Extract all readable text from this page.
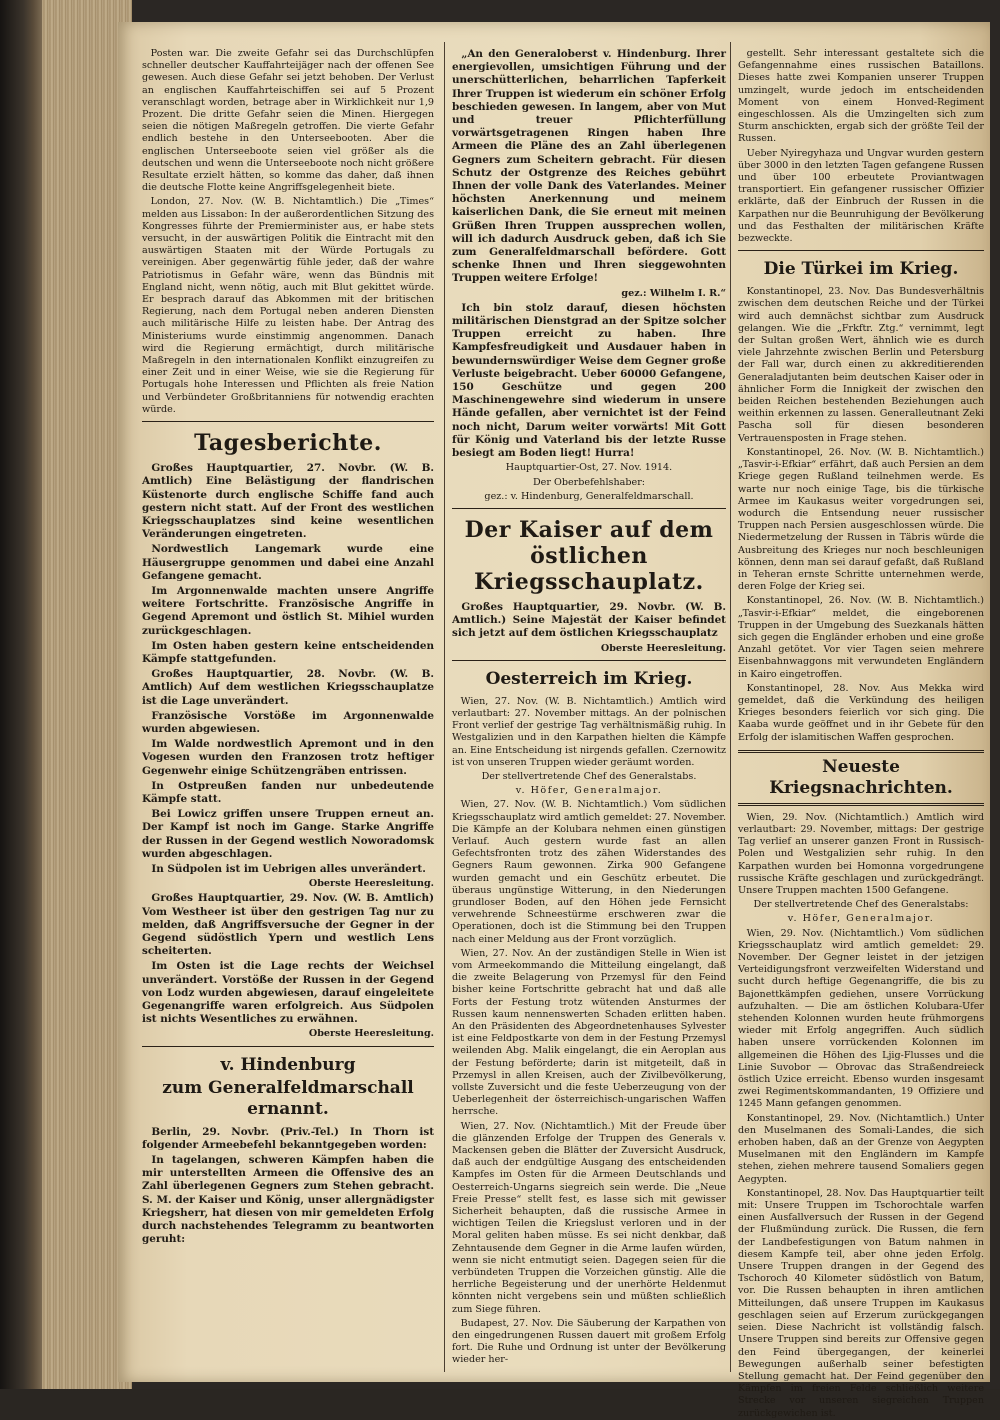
Posten war. Die zweite Gefahr sei das Durchschlüpfen schneller deutscher Kauffahrteijäger nach der offenen See gewesen. Auch diese Gefahr sei jetzt behoben. Der Verlust an englischen Kauffahrteischiffen sei auf 5 Prozent veranschlagt worden, betrage aber in Wirklichkeit nur 1,9 Prozent. Die dritte Gefahr seien die Minen. Hiergegen seien die nötigen Maßregeln getroffen. Die vierte Gefahr endlich bestehe in den Unterseebooten. Aber die englischen Unterseeboote seien viel größer als die deutschen und wenn die Unterseeboote noch nicht größere Resultate erzielt hätten, so komme das daher, daß ihnen die deutsche Flotte keine Angriffsgelegenheit biete.

London, 27. Nov. (W. B. Nichtamtlich.) Die „Times“ melden aus Lissabon: In der außerordentlichen Sitzung des Kongresses führte der Premierminister aus, er habe stets versucht, in der auswärtigen Politik die Eintracht mit den auswärtigen Staaten mit der Würde Portugals zu vereinigen. Aber gegenwärtig fühle jeder, daß der wahre Patriotismus in Gefahr wäre, wenn das Bündnis mit England nicht, wenn nötig, auch mit Blut gekittet würde. Er besprach darauf das Abkommen mit der britischen Regierung, nach dem Portugal neben anderen Diensten auch militärische Hilfe zu leisten habe. Der Antrag des Ministeriums wurde einstimmig angenommen. Danach wird die Regierung ermächtigt, durch militärische Maßregeln in den internationalen Konflikt einzugreifen zu einer Zeit und in einer Weise, wie sie die Regierung für Portugals hohe Interessen und Pflichten als freie Nation und Verbündeter Großbritanniens für notwendig erachten würde.

Tagesberichte.

Großes Hauptquartier, 27. Novbr. (W. B. Amtlich) Eine Belästigung der flandrischen Küstenorte durch englische Schiffe fand auch gestern nicht statt. Auf der Front des westlichen Kriegsschauplatzes sind keine wesentlichen Veränderungen eingetreten.

Nordwestlich Langemark wurde eine Häusergruppe genommen und dabei eine Anzahl Gefangene gemacht.

Im Argonnenwalde machten unsere Angriffe weitere Fortschritte. Französische Angriffe in Gegend Apremont und östlich St. Mihiel wurden zurückgeschlagen.

Im Osten haben gestern keine entscheidenden Kämpfe stattgefunden.

Großes Hauptquartier, 28. Novbr. (W. B. Amtlich) Auf dem westlichen Kriegsschauplatze ist die Lage unverändert.

Französische Vorstöße im Argonnenwalde wurden abgewiesen.

Im Walde nordwestlich Apremont und in den Vogesen wurden den Franzosen trotz heftiger Gegenwehr einige Schützengräben entrissen.

In Ostpreußen fanden nur unbedeutende Kämpfe statt.

Bei Lowicz griffen unsere Truppen erneut an. Der Kampf ist noch im Gange. Starke Angriffe der Russen in der Gegend westlich Noworadomsk wurden abgeschlagen.

In Südpolen ist im Uebrigen alles unverändert.

Oberste Heeresleitung.

Großes Hauptquartier, 29. Nov. (W. B. Amtlich) Vom Westheer ist über den gestrigen Tag nur zu melden, daß Angriffsversuche der Gegner in der Gegend südöstlich Ypern und westlich Lens scheiterten.

Im Osten ist die Lage rechts der Weichsel unverändert. Vorstöße der Russen in der Gegend von Lodz wurden abgewiesen, darauf eingeleitete Gegenangriffe waren erfolgreich. Aus Südpolen ist nichts Wesentliches zu erwähnen.

Oberste Heeresleitung.

v. Hindenburg
zum Generalfeldmarschall ernannt.

Berlin, 29. Novbr. (Priv.-Tel.) In Thorn ist folgender Armeebefehl bekanntgegeben worden:

In tagelangen, schweren Kämpfen haben die mir unterstellten Armeen die Offensive des an Zahl überlegenen Gegners zum Stehen gebracht. S. M. der Kaiser und König, unser allergnädigster Kriegsherr, hat diesen von mir gemeldeten Erfolg durch nachstehendes Telegramm zu beantworten geruht:

„An den Generaloberst v. Hindenburg. Ihrer energievollen, umsichtigen Führung und der unerschütterlichen, beharrlichen Tapferkeit Ihrer Truppen ist wiederum ein schöner Erfolg beschieden gewesen. In langem, aber von Mut und treuer Pflichterfüllung vorwärtsgetragenen Ringen haben Ihre Armeen die Pläne des an Zahl überlegenen Gegners zum Scheitern gebracht. Für diesen Schutz der Ostgrenze des Reiches gebührt Ihnen der volle Dank des Vaterlandes. Meiner höchsten Anerkennung und meinem kaiserlichen Dank, die Sie erneut mit meinen Grüßen Ihren Truppen aussprechen wollen, will ich dadurch Ausdruck geben, daß ich Sie zum Generalfeldmarschall befördere. Gott schenke Ihnen und Ihren sieggewohnten Truppen weitere Erfolge!

gez.: Wilhelm I. R.“

Ich bin stolz darauf, diesen höchsten militärischen Dienstgrad an der Spitze solcher Truppen erreicht zu haben. Ihre Kampfesfreudigkeit und Ausdauer haben in bewundernswürdiger Weise dem Gegner große Verluste beigebracht. Ueber 60000 Gefangene, 150 Geschütze und gegen 200 Maschinengewehre sind wiederum in unsere Hände gefallen, aber vernichtet ist der Feind noch nicht, Darum weiter vorwärts! Mit Gott für König und Vaterland bis der letzte Russe besiegt am Boden liegt! Hurra!

Hauptquartier-Ost, 27. Nov. 1914.

Der Oberbefehlshaber:

gez.: v. Hindenburg, Generalfeldmarschall.

Der Kaiser auf dem östlichen Kriegsschauplatz.

Großes Hauptquartier, 29. Novbr. (W. B. Amtlich.) Seine Majestät der Kaiser befindet sich jetzt auf dem östlichen Kriegsschauplatz

Oberste Heeresleitung.

Oesterreich im Krieg.

Wien, 27. Nov. (W. B. Nichtamtlich.) Amtlich wird verlautbart: 27. November mittags. An der polnischen Front verlief der gestrige Tag verhältnismäßig ruhig. In Westgalizien und in den Karpathen hielten die Kämpfe an. Eine Entscheidung ist nirgends gefallen. Czernowitz ist von unseren Truppen wieder geräumt worden.

Der stellvertretende Chef des Generalstabs.

v. Höfer, Generalmajor.

Wien, 27. Nov. (W. B. Nichtamtlich.) Vom südlichen Kriegsschauplatz wird amtlich gemeldet: 27. November. Die Kämpfe an der Kolubara nehmen einen günstigen Verlauf. Auch gestern wurde fast an allen Gefechtsfronten trotz des zähen Widerstandes des Gegners Raum gewonnen. Zirka 900 Gefangene wurden gemacht und ein Geschütz erbeutet. Die überaus ungünstige Witterung, in den Niederungen grundloser Boden, auf den Höhen jede Fernsicht verwehrende Schneestürme erschweren zwar die Operationen, doch ist die Stimmung bei den Truppen nach einer Meldung aus der Front vorzüglich.

Wien, 27. Nov. An der zuständigen Stelle in Wien ist vom Armeekommando die Mitteilung eingelangt, daß die zweite Belagerung von Przemysl für den Feind bisher keine Fortschritte gebracht hat und daß alle Forts der Festung trotz wütenden Ansturmes der Russen kaum nennenswerten Schaden erlitten haben. An den Präsidenten des Abgeordnetenhauses Sylvester ist eine Feldpostkarte von dem in der Festung Przemysl weilenden Abg. Malik eingelangt, die ein Aeroplan aus der Festung beförderte; darin ist mitgeteilt, daß in Przemysl in allen Kreisen, auch der Zivilbevölkerung, vollste Zuversicht und die feste Ueberzeugung von der Ueberlegenheit der österreichisch-ungarischen Waffen herrsche.

Wien, 27. Nov. (Nichtamtlich.) Mit der Freude über die glänzenden Erfolge der Truppen des Generals v. Mackensen geben die Blätter der Zuversicht Ausdruck, daß auch der endgültige Ausgang des entscheidenden Kampfes im Osten für die Armeen Deutschlands und Oesterreich-Ungarns siegreich sein werde. Die „Neue Freie Presse“ stellt fest, es lasse sich mit gewisser Sicherheit behaupten, daß die russische Armee in wichtigen Teilen die Kriegslust verloren und in der Moral geliten haben müsse. Es sei nicht denkbar, daß Zehntausende dem Gegner in die Arme laufen würden, wenn sie nicht entmutigt seien. Dagegen seien für die verbündeten Truppen die Vorzeichen günstig. Alle die herrliche Begeisterung und der unerhörte Heldenmut könnten nicht vergebens sein und müßten schließlich zum Siege führen.

Budapest, 27. Nov. Die Säuberung der Karpathen von den eingedrungenen Russen dauert mit großem Erfolg fort. Die Ruhe und Ordnung ist unter der Bevölkerung wieder her-

gestellt. Sehr interessant gestaltete sich die Gefangennahme eines russischen Bataillons. Dieses hatte zwei Kompanien unserer Truppen umzingelt, wurde jedoch im entscheidenden Moment von einem Honved-Regiment eingeschlossen. Als die Umzingelten sich zum Sturm anschickten, ergab sich der größte Teil der Russen.

Ueber Nyiregyhaza und Ungvar wurden gestern über 3000 in den letzten Tagen gefangene Russen und über 100 erbeutete Proviantwagen transportiert. Ein gefangener russischer Offizier erklärte, daß der Einbruch der Russen in die Karpathen nur die Beunruhigung der Bevölkerung und das Festhalten der militärischen Kräfte bezweckte.

Die Türkei im Krieg.

Konstantinopel, 23. Nov. Das Bundesverhältnis zwischen dem deutschen Reiche und der Türkei wird auch demnächst sichtbar zum Ausdruck gelangen. Wie die „Frkftr. Ztg.“ vernimmt, legt der Sultan großen Wert, ähnlich wie es durch viele Jahrzehnte zwischen Berlin und Petersburg der Fall war, durch einen zu akkreditierenden Generaladjutanten beim deutschen Kaiser oder in ähnlicher Form die Innigkeit der zwischen den beiden Reichen bestehenden Beziehungen auch weithin erkennen zu lassen. Generalleutnant Zeki Pascha soll für diesen besonderen Vertrauensposten in Frage stehen.

Konstantinopel, 26. Nov. (W. B. Nichtamtlich.) „Tasvir-i-Efkiar“ erfährt, daß auch Persien an dem Kriege gegen Rußland teilnehmen werde. Es warte nur noch einige Tage, bis die türkische Armee im Kaukasus weiter vorgedrungen sei, wodurch die Entsendung neuer russischer Truppen nach Persien ausgeschlossen würde. Die Niedermetzelung der Russen in Täbris würde die Ausbreitung des Krieges nur noch beschleunigen können, denn man sei darauf gefaßt, daß Rußland in Teheran ernste Schritte unternehmen werde, deren Folge der Krieg sei.

Konstantinopel, 26. Nov. (W. B. Nichtamtlich.) „Tasvir-i-Efkiar“ meldet, die eingeborenen Truppen in der Umgebung des Suezkanals hätten sich gegen die Engländer erhoben und eine große Anzahl getötet. Vor vier Tagen seien mehrere Eisenbahnwaggons mit verwundeten Engländern in Kairo eingetroffen.

Konstantinopel, 28. Nov. Aus Mekka wird gemeldet, daß die Verkündung des heiligen Krieges besonders feierlich vor sich ging. Die Kaaba wurde geöffnet und in ihr Gebete für den Erfolg der islamitischen Waffen gesprochen.

Neueste Kriegsnachrichten.

Wien, 29. Nov. (Nichtamtlich.) Amtlich wird verlautbart: 29. November, mittags: Der gestrige Tag verlief an unserer ganzen Front in Russisch-Polen und Westgalizien sehr ruhig. In den Karpathen wurden bei Homonna vorgedrungene russische Kräfte geschlagen und zurückgedrängt. Unsere Truppen machten 1500 Gefangene.

Der stellvertretende Chef des Generalstabs:

v. Höfer, Generalmajor.

Wien, 29. Nov. (Nichtamtlich.) Vom südlichen Kriegsschauplatz wird amtlich gemeldet: 29. November. Der Gegner leistet in der jetzigen Verteidigungsfront verzweifelten Widerstand und sucht durch heftige Gegenangriffe, die bis zu Bajonettkämpfen gediehen, unsere Vorrückung aufzuhalten. — Die am östlichen Kolubara-Ufer stehenden Kolonnen wurden heute frühmorgens wieder mit Erfolg angegriffen. Auch südlich haben unsere vorrückenden Kolonnen im allgemeinen die Höhen des Ljig-Flusses und die Linie Suvobor — Obrovac das Straßendreieck östlich Uzice erreicht. Ebenso wurden insgesamt zwei Regimentskommandanten, 19 Offiziere und 1245 Mann gefangen genommen.

Konstantinopel, 29. Nov. (Nichtamtlich.) Unter den Muselmanen des Somali-Landes, die sich erhoben haben, daß an der Grenze von Aegypten Muselmanen mit den Engländern im Kampfe stehen, ziehen mehrere tausend Somaliers gegen Aegypten.

Konstantinopel, 28. Nov. Das Hauptquartier teilt mit: Unsere Truppen im Tschorochtale warfen einen Ausfallversuch der Russen in der Gegend der Flußmündung zurück. Die Russen, die fern der Landbefestigungen von Batum nahmen in diesem Kampfe teil, aber ohne jeden Erfolg. Unsere Truppen drangen in der Gegend des Tschoroch 40 Kilometer südöstlich von Batum, vor. Die Russen behaupten in ihren amtlichen Mitteilungen, daß unsere Truppen im Kaukasus geschlagen seien auf Erzerum zurückgegangen seien. Diese Nachricht ist vollständig falsch. Unsere Truppen sind bereits zur Offensive gegen den Feind übergegangen, der keinerlei Bewegungen außerhalb seiner befestigten Stellung gemacht hat. Der Feind gegenüber den Kämpfen im freien Felde schließlich weitere Strecke vor unseren siegreichen Truppen zurückgewichen ist.
